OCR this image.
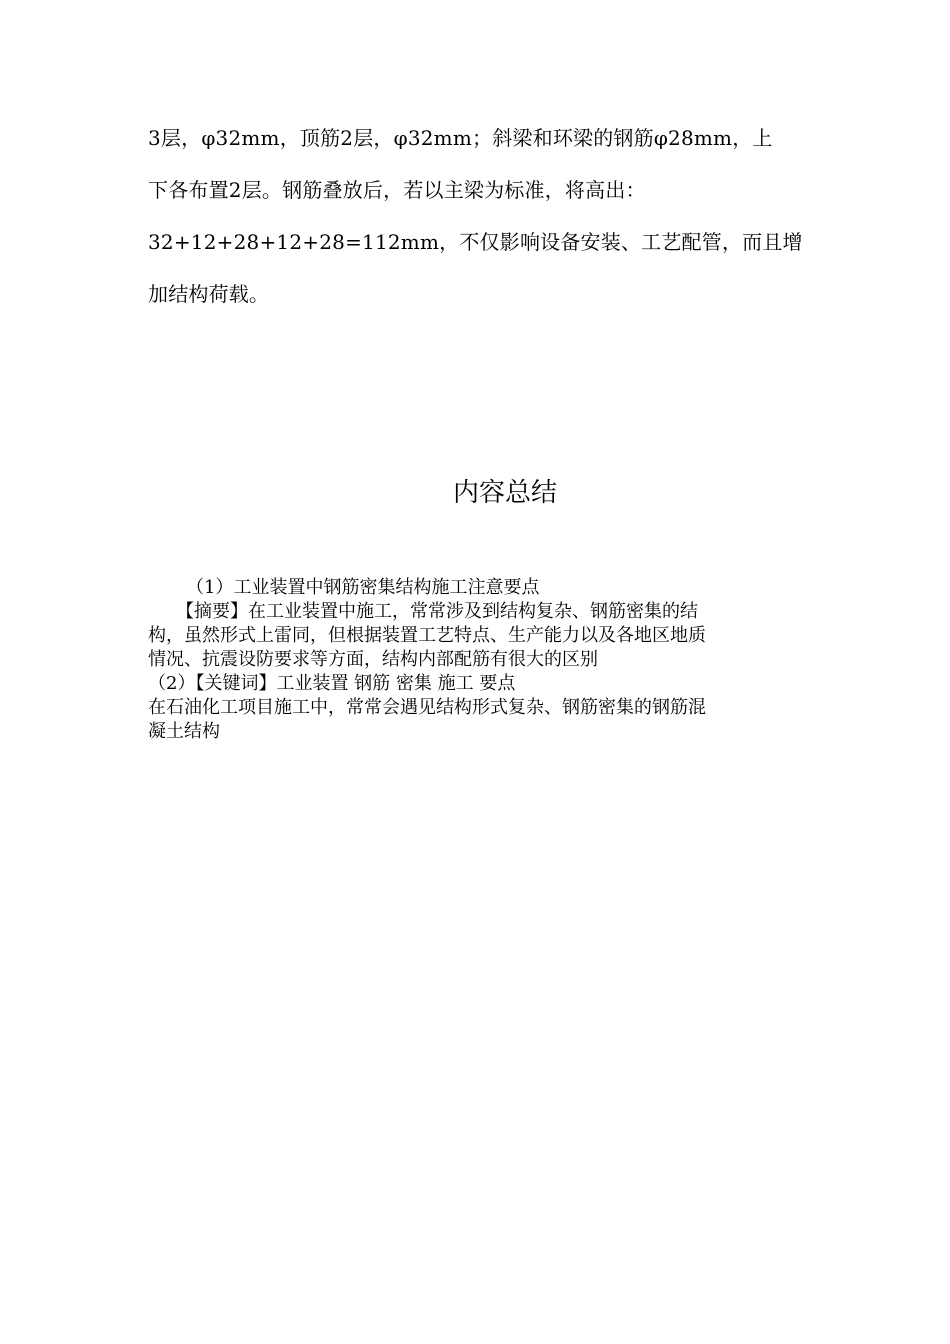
3层，φ32mm，顶筋2层，φ32mm；斜梁和环梁的钢筋φ28mm，上
下各布置2层。钢筋叠放后，若以主梁为标准，将高出：
32+12+28+12+28=112mm，不仅影响设备安装、工艺配管，而且增
加结构荷载。
内容总结
（1）工业装置中钢筋密集结构施工注意要点
【摘要】在工业装置中施工，常常涉及到结构复杂、钢筋密集的结
构，虽然形式上雷同，但根据装置工艺特点、生产能力以及各地区地质
情况、抗震设防要求等方面，结构内部配筋有很大的区别
（2）【关键词】工业装置 钢筋 密集 施工 要点
在石油化工项目施工中，常常会遇见结构形式复杂、钢筋密集的钢筋混
凝土结构
